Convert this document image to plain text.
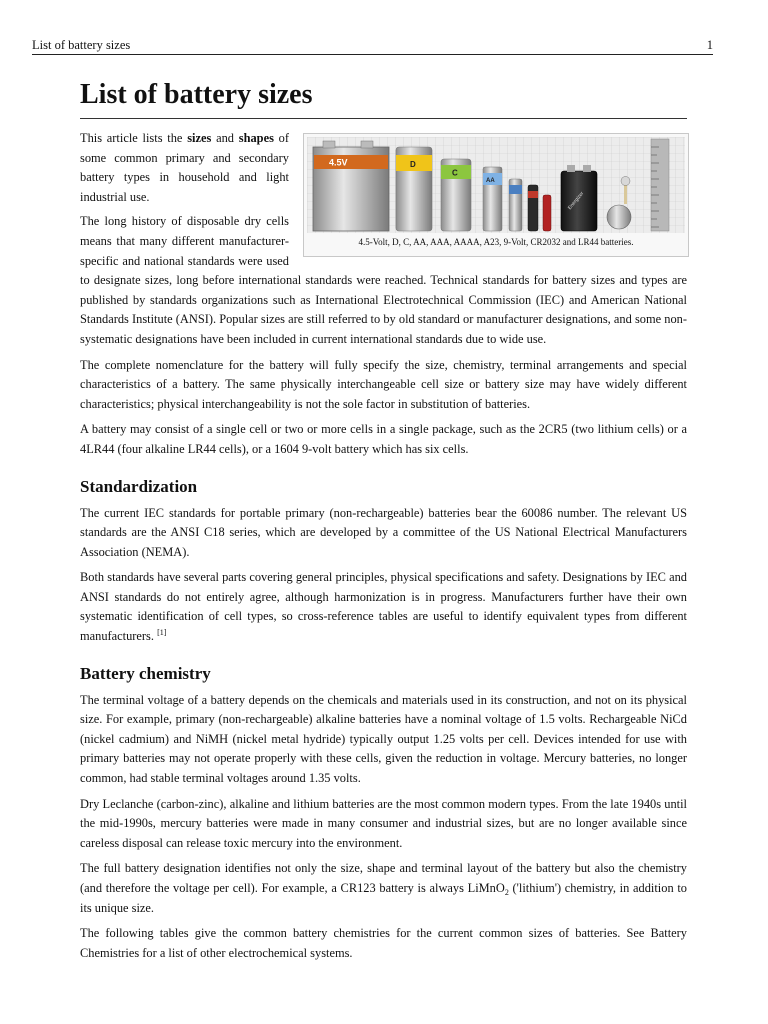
List of battery sizes	1
List of battery sizes
4.5V	D
C
AA
Energizer
4.5-Volt, D, C, AA, AAA, AAAA, A23, 9-Volt, CR2032 and LR44 batteries.

This article lists the sizes and shapes of some common primary and secondary battery types in household and light industrial use.

The long history of disposable dry cells means that many different manufacturer-specific and national standards were used to designate sizes, long before international standards were reached. Technical standards for battery sizes and types are published by standards organizations such as International Electrotechnical Commission (IEC) and American National Standards Institute (ANSI). Popular sizes are still referred to by old standard or manufacturer designations, and some non-systematic designations have been included in current international standards due to wide use.

The complete nomenclature for the battery will fully specify the size, chemistry, terminal arrangements and special characteristics of a battery. The same physically interchangeable cell size or battery size may have widely different characteristics; physical interchangeability is not the sole factor in substitution of batteries.

A battery may consist of a single cell or two or more cells in a single package, such as the 2CR5 (two lithium cells) or a 4LR44 (four alkaline LR44 cells), or a 1604 9-volt battery which has six cells.

Standardization

The current IEC standards for portable primary (non-rechargeable) batteries bear the 60086 number. The relevant US standards are the ANSI C18 series, which are developed by a committee of the US National Electrical Manufacturers Association (NEMA).

Both standards have several parts covering general principles, physical specifications and safety. Designations by IEC and ANSI standards do not entirely agree, although harmonization is in progress. Manufacturers further have their own systematic identification of cell types, so cross-reference tables are useful to identify equivalent types from different manufacturers. [1]

Battery chemistry

The terminal voltage of a battery depends on the chemicals and materials used in its construction, and not on its physical size. For example, primary (non-rechargeable) alkaline batteries have a nominal voltage of 1.5 volts. Rechargeable NiCd (nickel cadmium) and NiMH (nickel metal hydride) typically output 1.25 volts per cell. Devices intended for use with primary batteries may not operate properly with these cells, given the reduction in voltage. Mercury batteries, no longer common, had stable terminal voltages around 1.35 volts.

Dry Leclanche (carbon-zinc), alkaline and lithium batteries are the most common modern types. From the late 1940s until the mid-1990s, mercury batteries were made in many consumer and industrial sizes, but are no longer available since careless disposal can release toxic mercury into the environment.

The full battery designation identifies not only the size, shape and terminal layout of the battery but also the chemistry (and therefore the voltage per cell). For example, a CR123 battery is always LiMnO$_2$ ('lithium') chemistry, in addition to its unique size.

The following tables give the common battery chemistries for the current common sizes of batteries. See Battery Chemistries for a list of other electrochemical systems.
